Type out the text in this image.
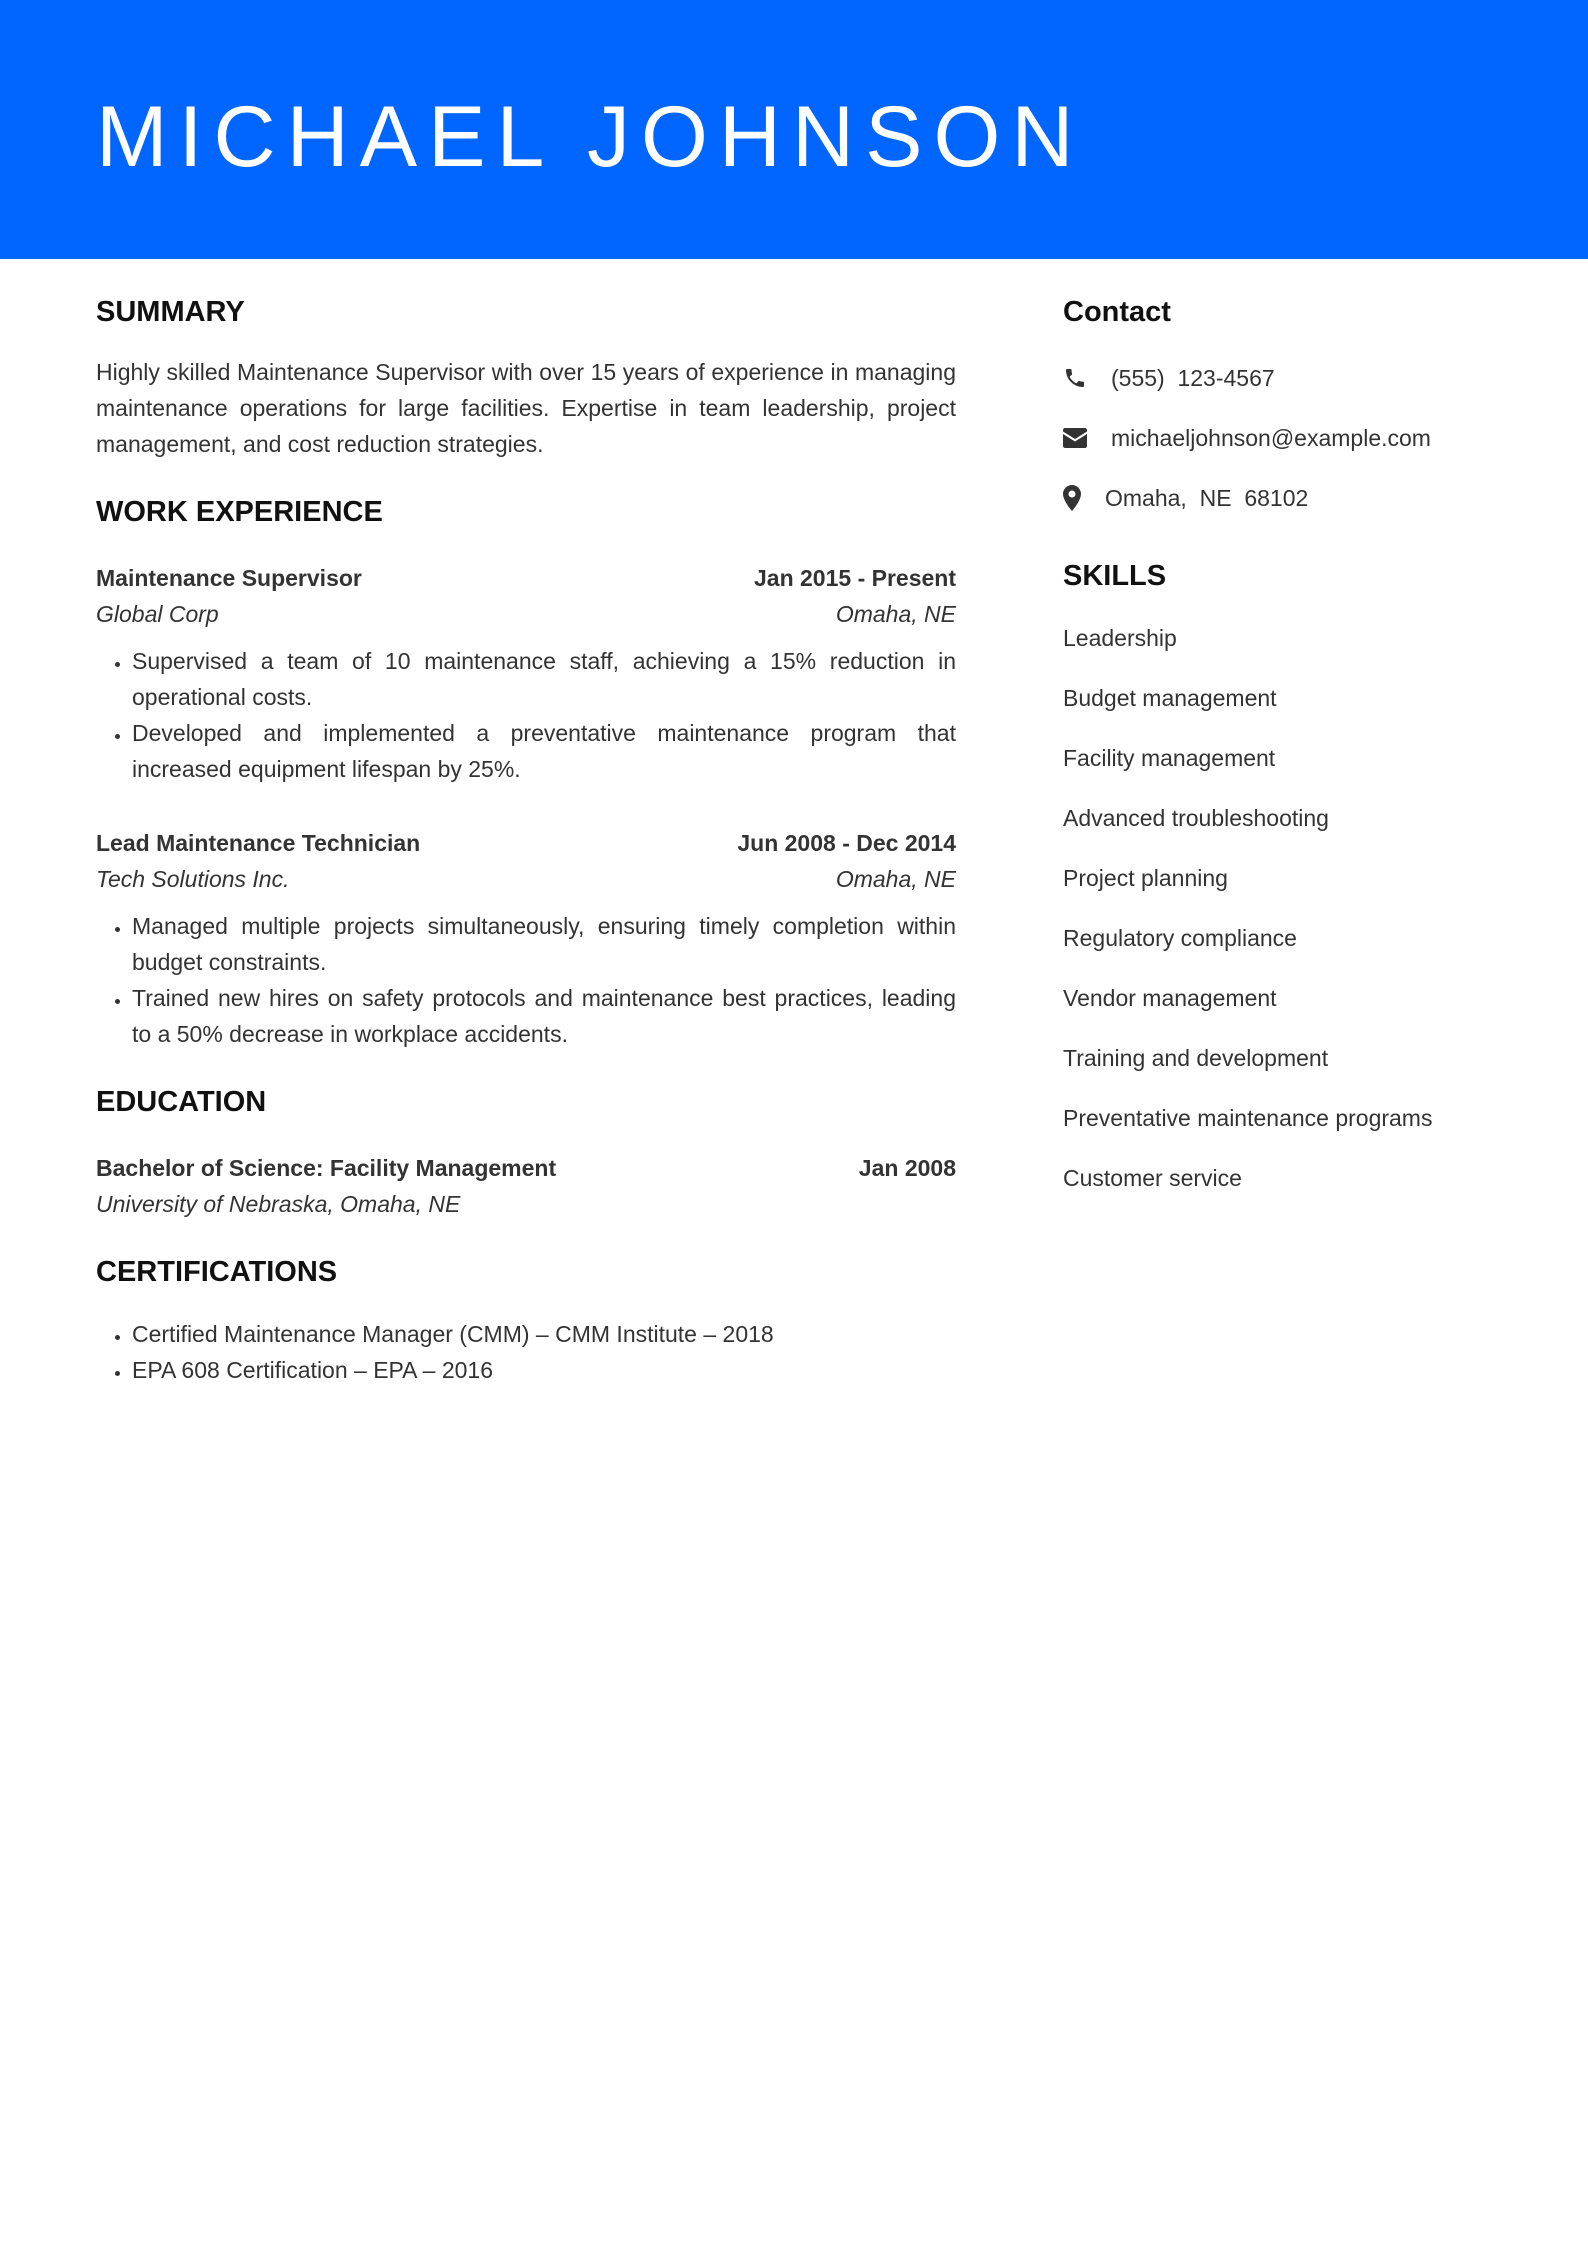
MICHAEL JOHNSON
SUMMARY

Highly skilled Maintenance Supervisor with over 15 years of experience in managing maintenance operations for large facilities. Expertise in team leadership, project management, and cost reduction strategies.

WORK EXPERIENCE
Maintenance Supervisor	Jan 2015 - Present
Global Corp	Omaha, NE
• Supervised a team of 10 maintenance staff, achieving a 15% reduction in operational costs.
• Developed and implemented a preventative maintenance program that increased equipment lifespan by 25%.
Lead Maintenance Technician	Jun 2008 - Dec 2014
Tech Solutions Inc.	Omaha, NE
• Managed multiple projects simultaneously, ensuring timely completion within budget constraints.
• Trained new hires on safety protocols and maintenance best practices, leading to a 50% decrease in workplace accidents.
EDUCATION
Bachelor of Science: Facility Management	Jan 2008
University of Nebraska, Omaha, NE
CERTIFICATIONS
• Certified Maintenance Manager (CMM) – CMM Institute – 2018
• EPA 608 Certification – EPA – 2016
Contact
(555)  123-4567
michaeljohnson@example.com
Omaha,  NE  68102
SKILLS
Leadership
Budget management
Facility management
Advanced troubleshooting
Project planning
Regulatory compliance
Vendor management
Training and development
Preventative maintenance programs
Customer service
